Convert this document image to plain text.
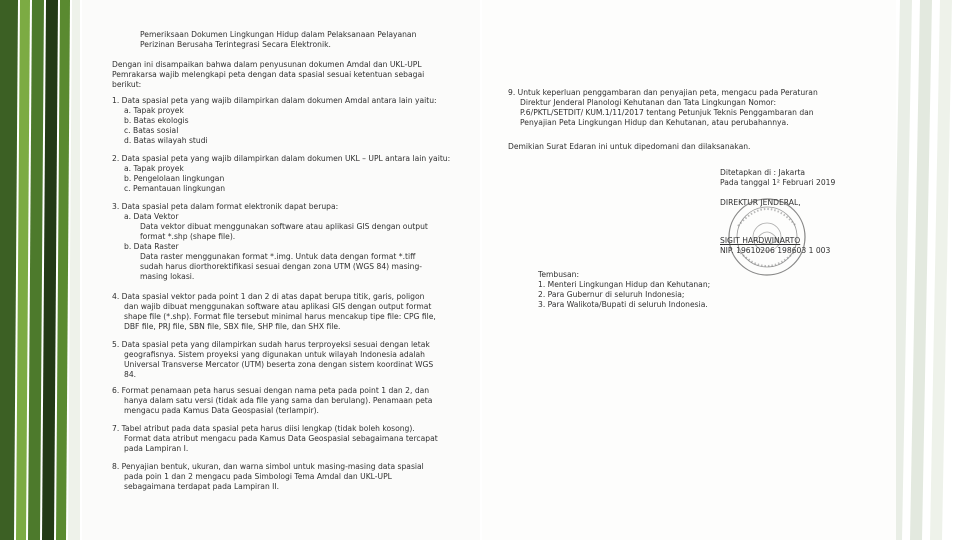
Pemeriksaan Dokumen Lingkungan Hidup dalam Pelaksanaan Pelayanan
Perizinan Berusaha Terintegrasi Secara Elektronik.
Dengan ini disampaikan bahwa dalam penyusunan dokumen Amdal dan UKL-UPL
Pemrakarsa wajib melengkapi peta dengan data spasial sesuai ketentuan sebagai
berikut:
1. Data spasial peta yang wajib dilampirkan dalam dokumen Amdal antara lain yaitu:
a. Tapak proyek
b. Batas ekologis
c. Batas sosial
d. Batas wilayah studi
2. Data spasial peta yang wajib dilampirkan dalam dokumen UKL – UPL antara lain yaitu:
a. Tapak proyek
b. Pengelolaan lingkungan
c. Pemantauan lingkungan
3. Data spasial peta dalam format elektronik dapat berupa:
a. Data Vektor
Data vektor dibuat menggunakan software atau aplikasi GIS dengan output
format *.shp (shape file).
b. Data Raster
Data raster menggunakan format *.img. Untuk data dengan format *.tiff
sudah harus diorthorektifikasi sesuai dengan zona UTM (WGS 84) masing-
masing lokasi.
4. Data spasial vektor pada point 1 dan 2 di atas dapat berupa titik, garis, poligon
dan wajib dibuat menggunakan software atau aplikasi GIS dengan output format
shape file (*.shp). Format file tersebut minimal harus mencakup tipe file: CPG file,
DBF file, PRJ file, SBN file, SBX file, SHP file, dan SHX file.
5. Data spasial peta yang dilampirkan sudah harus terproyeksi sesuai dengan letak
geografisnya. Sistem proyeksi yang digunakan untuk wilayah Indonesia adalah
Universal Transverse Mercator (UTM) beserta zona dengan sistem koordinat WGS
84.
6. Format penamaan peta harus sesuai dengan nama peta pada point 1 dan 2, dan
hanya dalam satu versi (tidak ada file yang sama dan berulang). Penamaan peta
mengacu pada Kamus Data Geospasial (terlampir).
7. Tabel atribut pada data spasial peta harus diisi lengkap (tidak boleh kosong).
Format data atribut mengacu pada Kamus Data Geospasial sebagaimana tercapat
pada Lampiran I.
8. Penyajian bentuk, ukuran, dan warna simbol untuk masing-masing data spasial
pada poin 1 dan 2 mengacu pada Simbologi Tema Amdal dan UKL-UPL
sebagaimana terdapat pada Lampiran II.
9. Untuk keperluan penggambaran dan penyajian peta, mengacu pada Peraturan
Direktur Jenderal Planologi Kehutanan dan Tata Lingkungan Nomor:
P.6/PKTL/SETDIT/ KUM.1/11/2017 tentang Petunjuk Teknis Penggambaran dan
Penyajian Peta Lingkungan Hidup dan Kehutanan, atau perubahannya.
Demikian Surat Edaran ini untuk dipedomani dan dilaksanakan.
Ditetapkan di : Jakarta
Pada tanggal 1² Februari 2019
DIREKTUR JENDERAL,
SIGIT HARDWINARTO
NIP. 19610206 198603 1 003
Tembusan:
1. Menteri Lingkungan Hidup dan Kehutanan;
2. Para Gubernur di seluruh Indonesia;
3. Para Walikota/Bupati di seluruh Indonesia.
